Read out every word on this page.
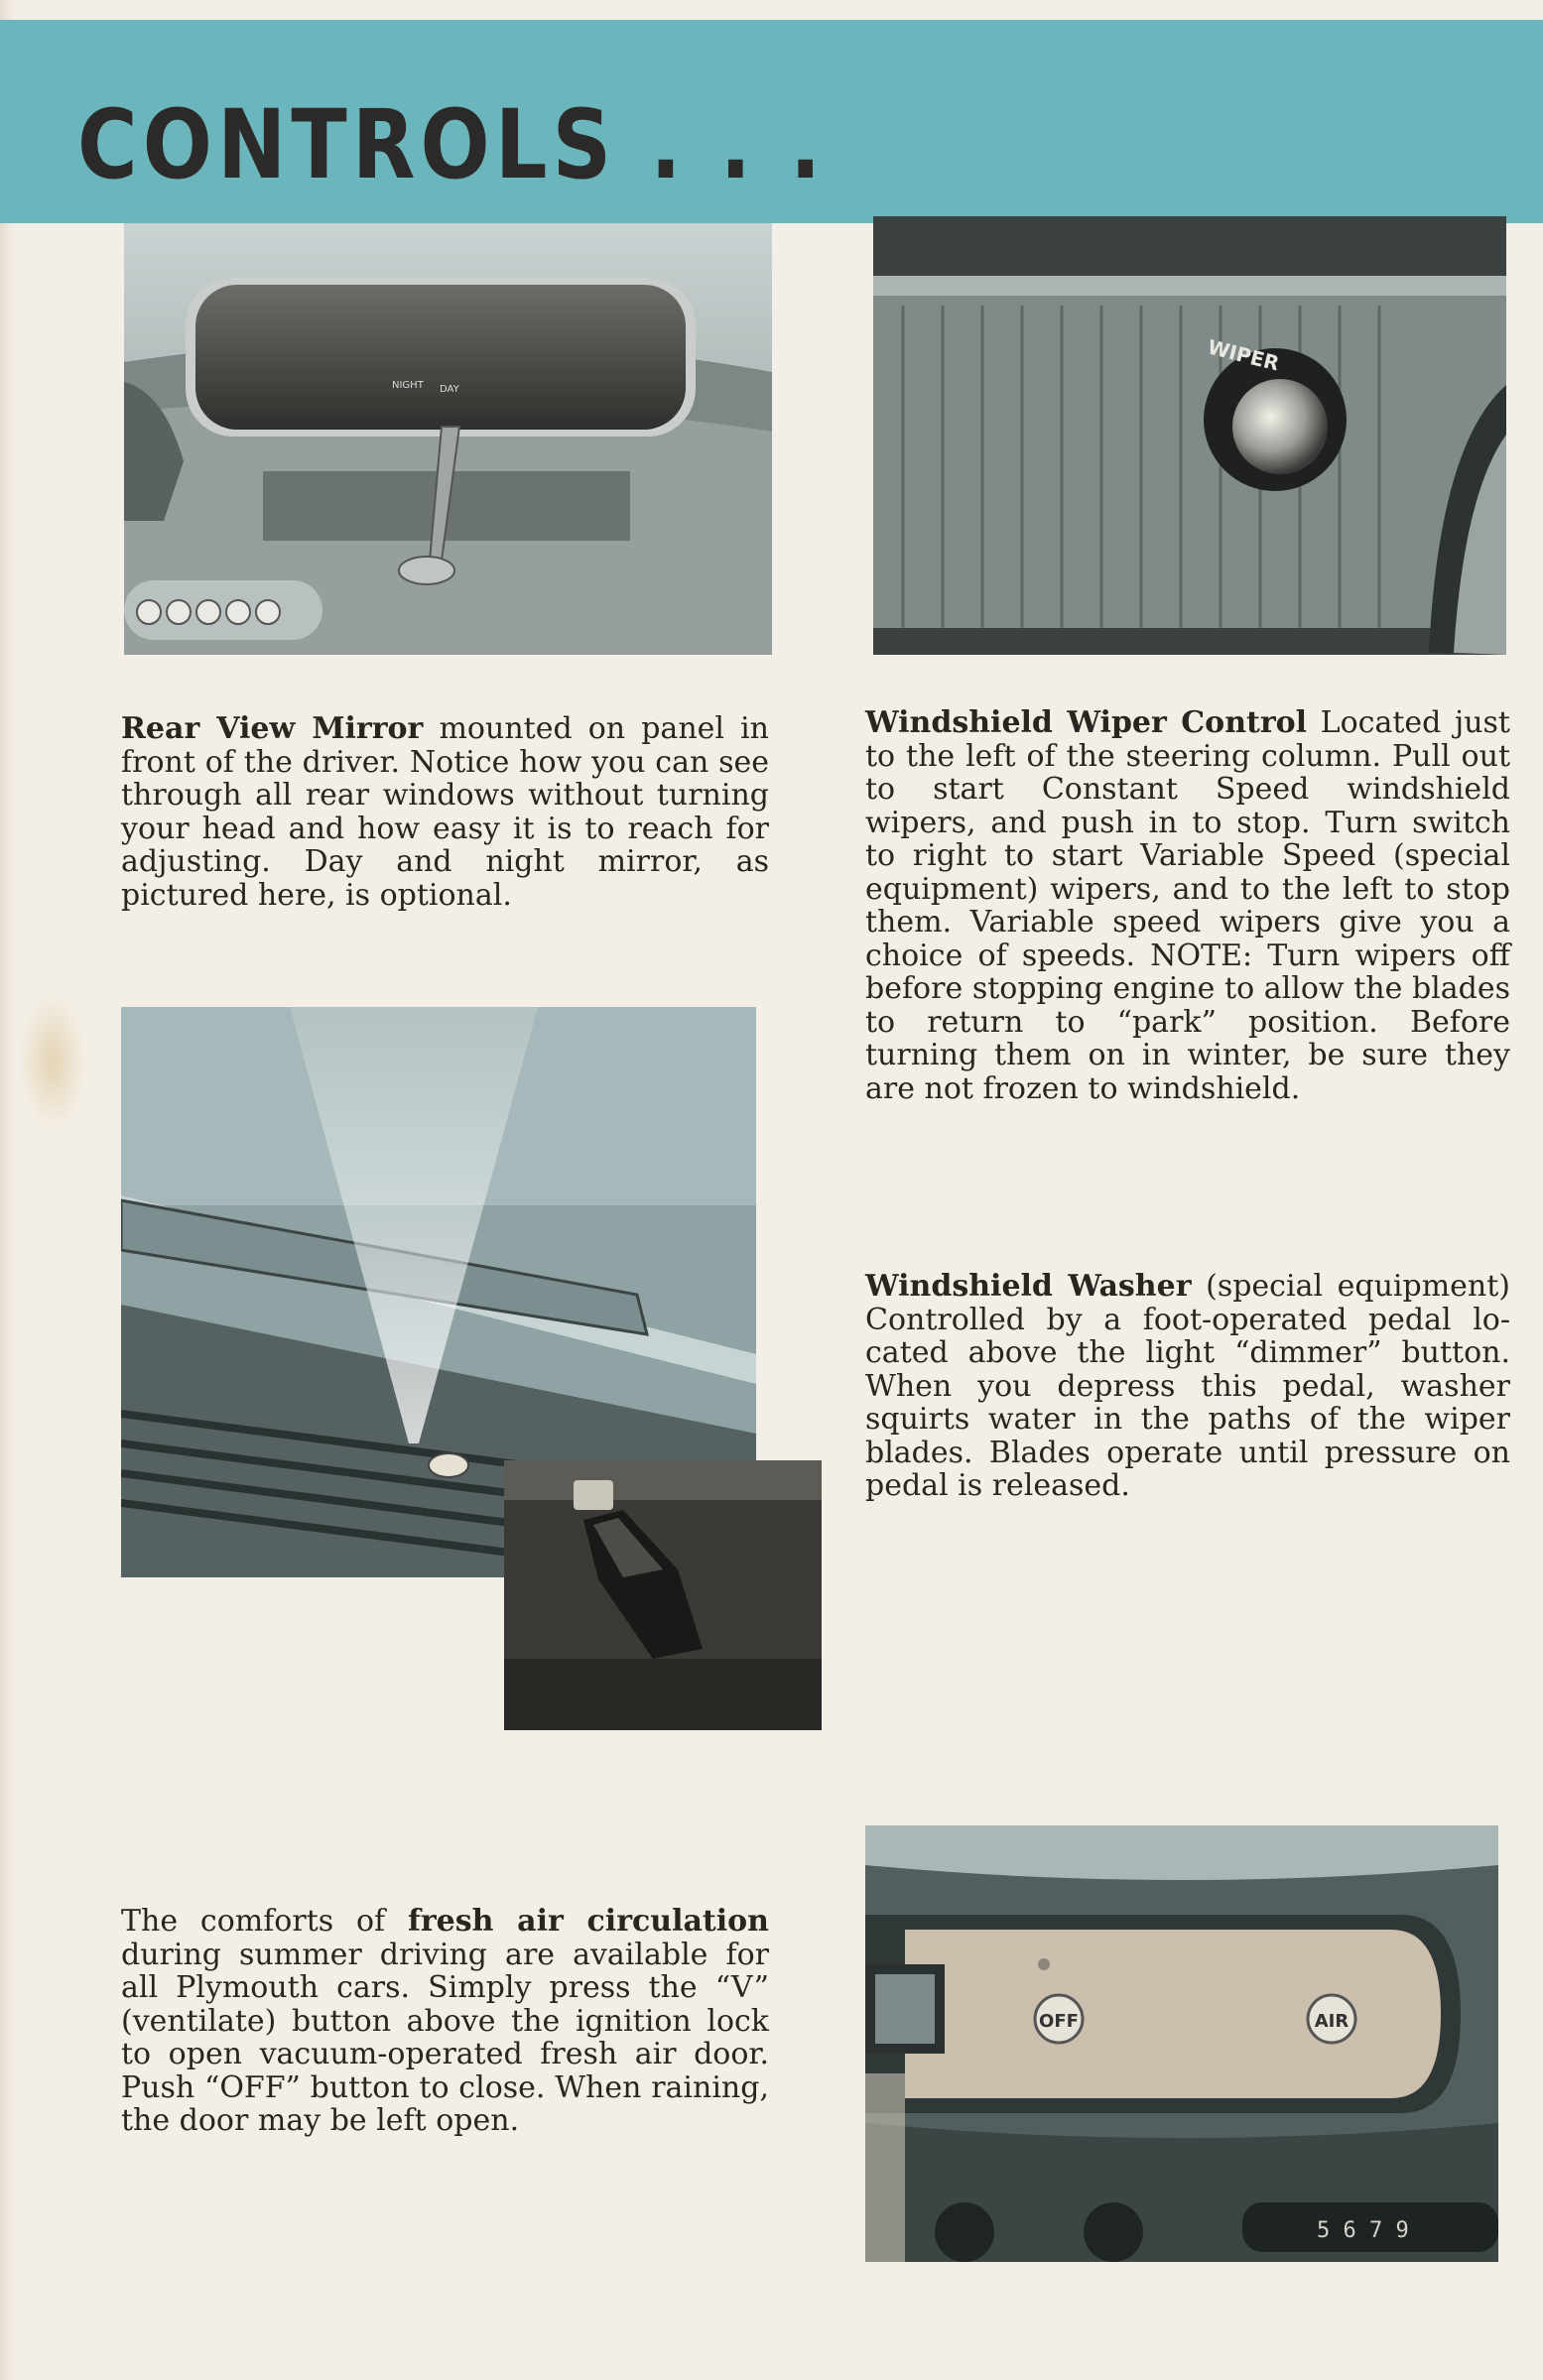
CONTROLS . . .
NIGHT DAY
WIPER
Rear View Mirror mounted on panel in front of the driver. Notice how you can see through all rear windows without turning your head and how easy it is to reach for adjusting. Day and night mirror, as pictured here, is optional.
Windshield Wiper Control Located just to the left of the steering column. Pull out to start Constant Speed windshield wipers, and push in to stop. Turn switch to right to start Variable Speed (special equipment) wipers, and to the left to stop them. Variable speed wipers give you a choice of speeds. NOTE: Turn wipers off before stopping engine to allow the blades to return to “park” position. Before turning them on in winter, be sure they are not frozen to windshield.
Windshield Washer (special equipment) Controlled by a foot-operated pedal located above the light “dimmer” button. When you depress this pedal, washer squirts water in the paths of the wiper blades. Blades operate until pressure on pedal is released.
The comforts of fresh air circulation during summer driving are available for all Plymouth cars. Simply press the “V” (ventilate) button above the ignition lock to open vacuum-operated fresh air door. Push “OFF” button to close. When raining, the door may be left open.
OFF	AIR
5 6 7 9
